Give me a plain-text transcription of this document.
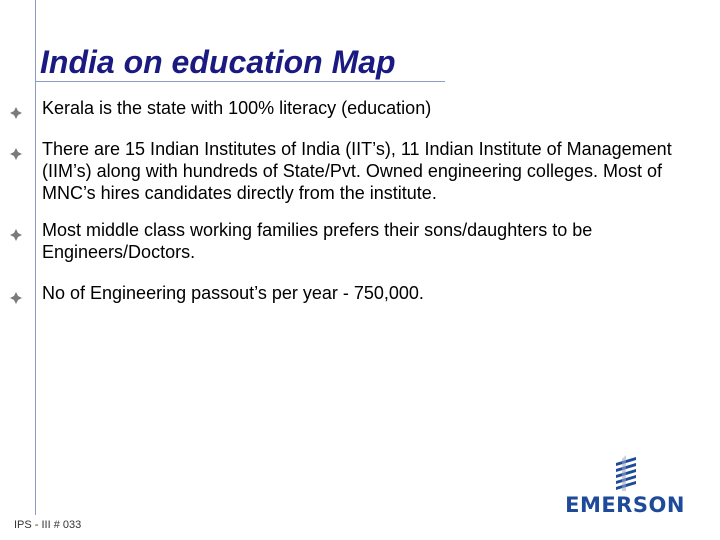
India on education Map
Kerala is the state with 100% literacy (education)
There are 15 Indian Institutes of India (IIT’s), 11 Indian Institute of Management (IIM’s) along with hundreds of State/Pvt. Owned engineering colleges. Most of MNC’s hires candidates directly from the institute.
Most middle class working families prefers their sons/daughters to be Engineers/Doctors.
No of Engineering passout’s per year - 750,000.
IPS - III # 033
EMERSON
